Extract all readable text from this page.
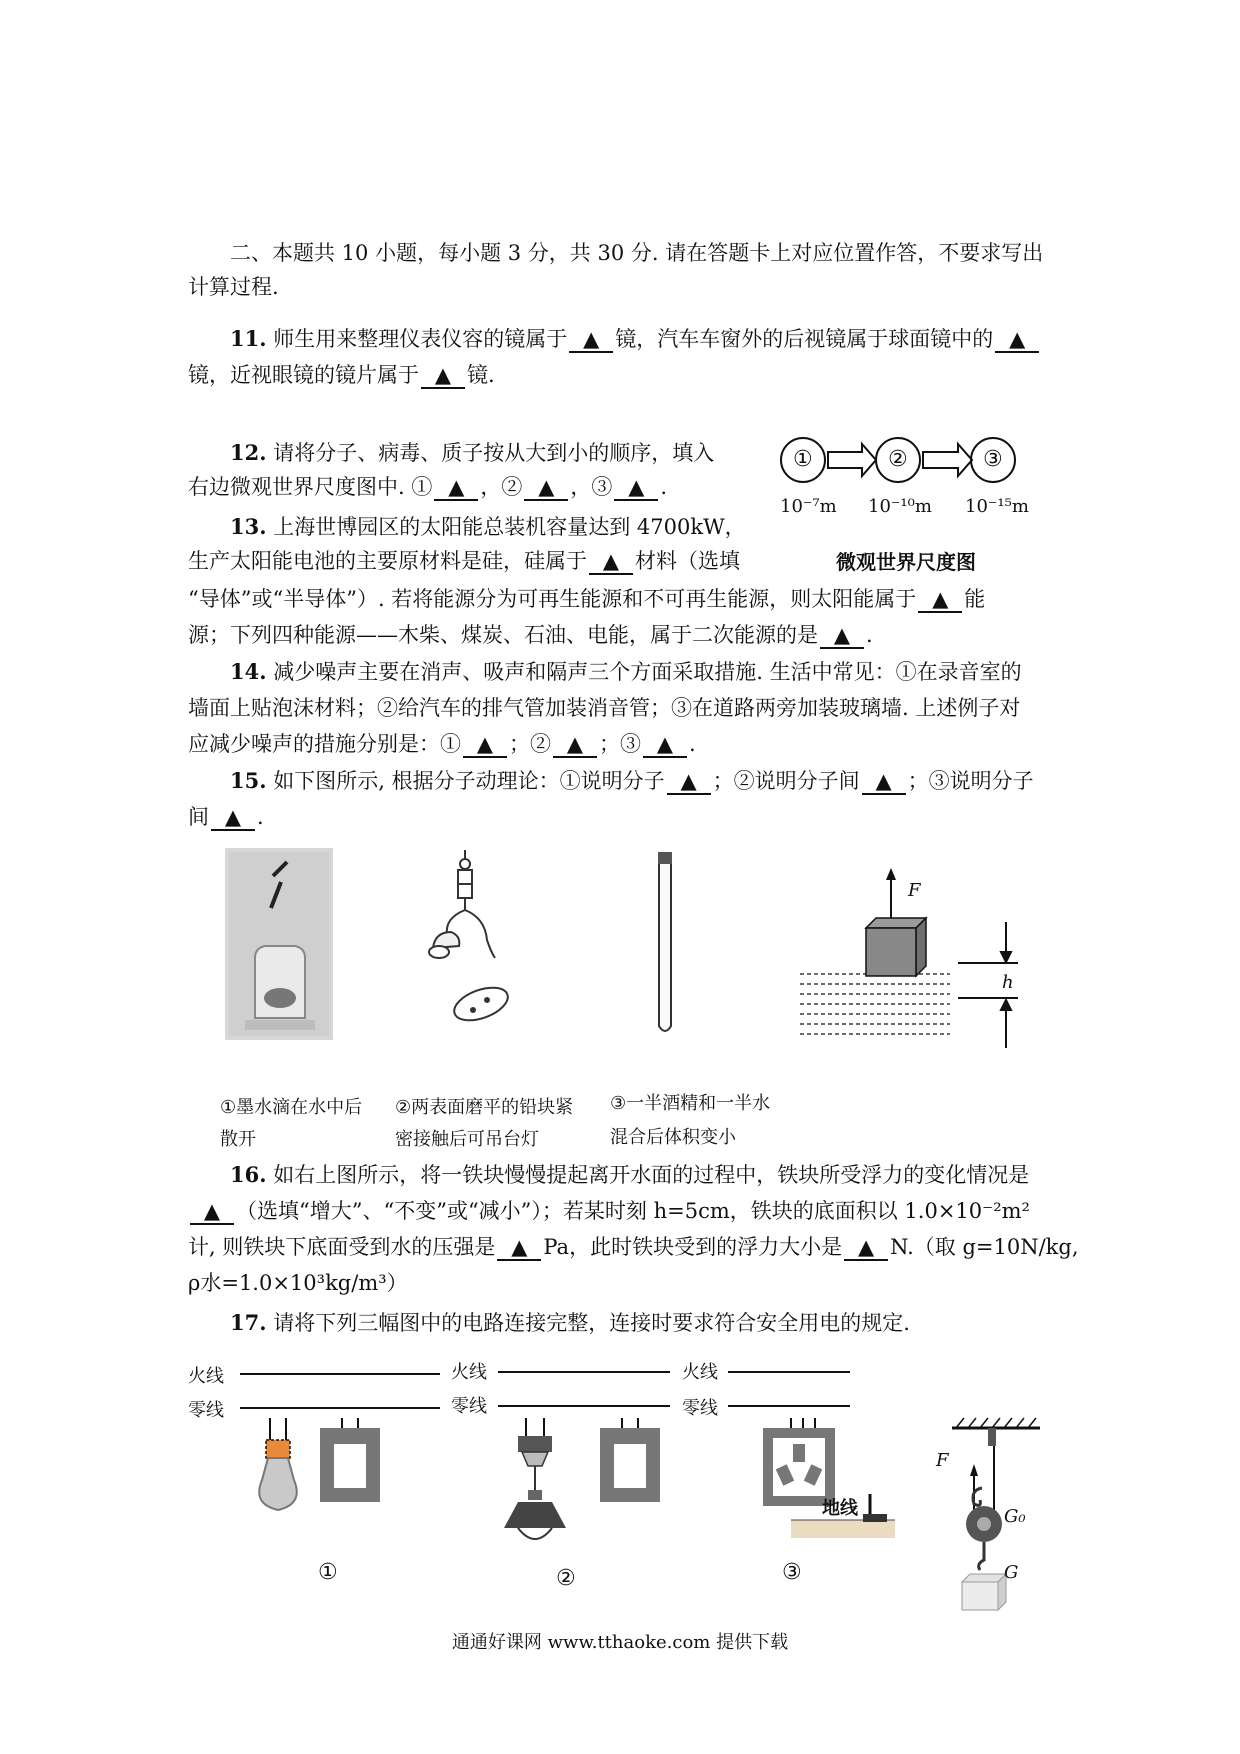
二、本题共 10 小题，每小题 3 分，共 30 分. 请在答题卡上对应位置作答，不要求写出
计算过程.
11. 师生用来整理仪表仪容的镜属于 ▲ 镜，汽车车窗外的后视镜属于球面镜中的 ▲
镜，近视眼镜的镜片属于 ▲ 镜.
12. 请将分子、病毒、质子按从大到小的顺序，填入
右边微观世界尺度图中. ① ▲ ，② ▲ ，③ ▲ .
①	②	③
10⁻⁷m 10⁻¹⁰m 10⁻¹⁵m
微观世界尺度图
13. 上海世博园区的太阳能总装机容量达到 4700kW，
生产太阳能电池的主要原材料是硅，硅属于 ▲ 材料（选填
“导体”或“半导体”）. 若将能源分为可再生能源和不可再生能源，则太阳能属于 ▲ 能
源；下列四种能源——木柴、煤炭、石油、电能，属于二次能源的是 ▲ .
14. 减少噪声主要在消声、吸声和隔声三个方面采取措施. 生活中常见：①在录音室的
墙面上贴泡沫材料；②给汽车的排气管加装消音管；③在道路两旁加装玻璃墙. 上述例子对
应减少噪声的措施分别是：① ▲ ；② ▲ ；③ ▲ .
15. 如下图所示, 根据分子动理论：①说明分子 ▲ ；②说明分子间 ▲ ；③说明分子
间 ▲ .
F
h
①墨水滴在水中后
散开
②两表面磨平的铅块紧
密接触后可吊台灯
③一半酒精和一半水
混合后体积变小
16. 如右上图所示，将一铁块慢慢提起离开水面的过程中，铁块所受浮力的变化情况是
▲ （选填“增大”、“不变”或“减小”）；若某时刻 h=5cm，铁块的底面积以 1.0×10⁻²m²
计, 则铁块下底面受到水的压强是 ▲ Pa，此时铁块受到的浮力大小是 ▲ N.（取 g=10N/kg,
ρ水=1.0×10³kg/m³）
17. 请将下列三幅图中的电路连接完整，连接时要求符合安全用电的规定.
火线
零线
火线
零线
火线
零线
地线
①	②	③
F
G₀
G
通通好课网 www.tthaoke.com 提供下载
